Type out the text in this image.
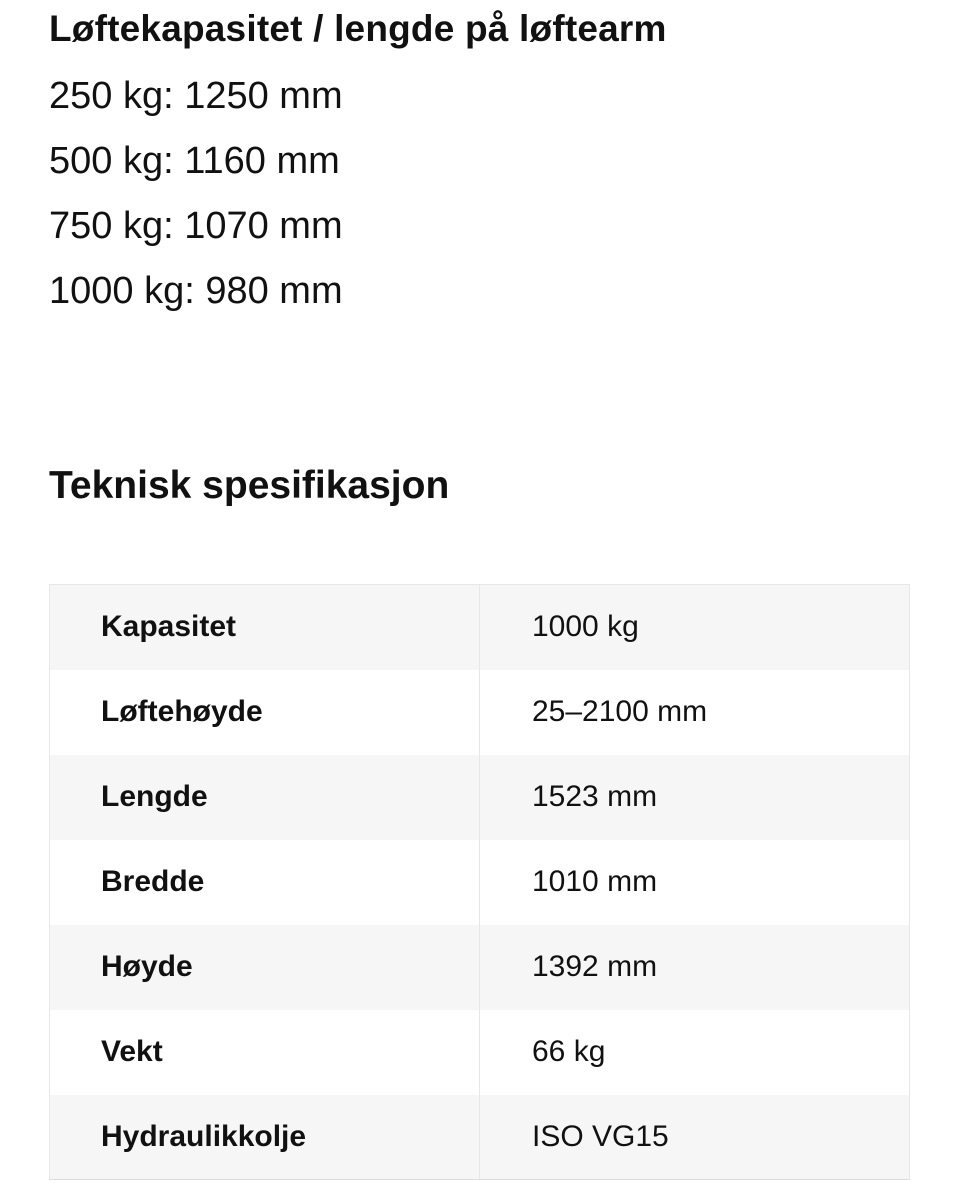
Løftekapasitet / lengde på løftearm
250 kg: 1250 mm
500 kg: 1160 mm
750 kg: 1070 mm
1000 kg: 980 mm
Teknisk spesifikasjon
Kapasitet	1000 kg
Løftehøyde	25–2100 mm
Lengde	1523 mm
Bredde	1010 mm
Høyde	1392 mm
Vekt	66 kg
Hydraulikkolje	ISO VG15
